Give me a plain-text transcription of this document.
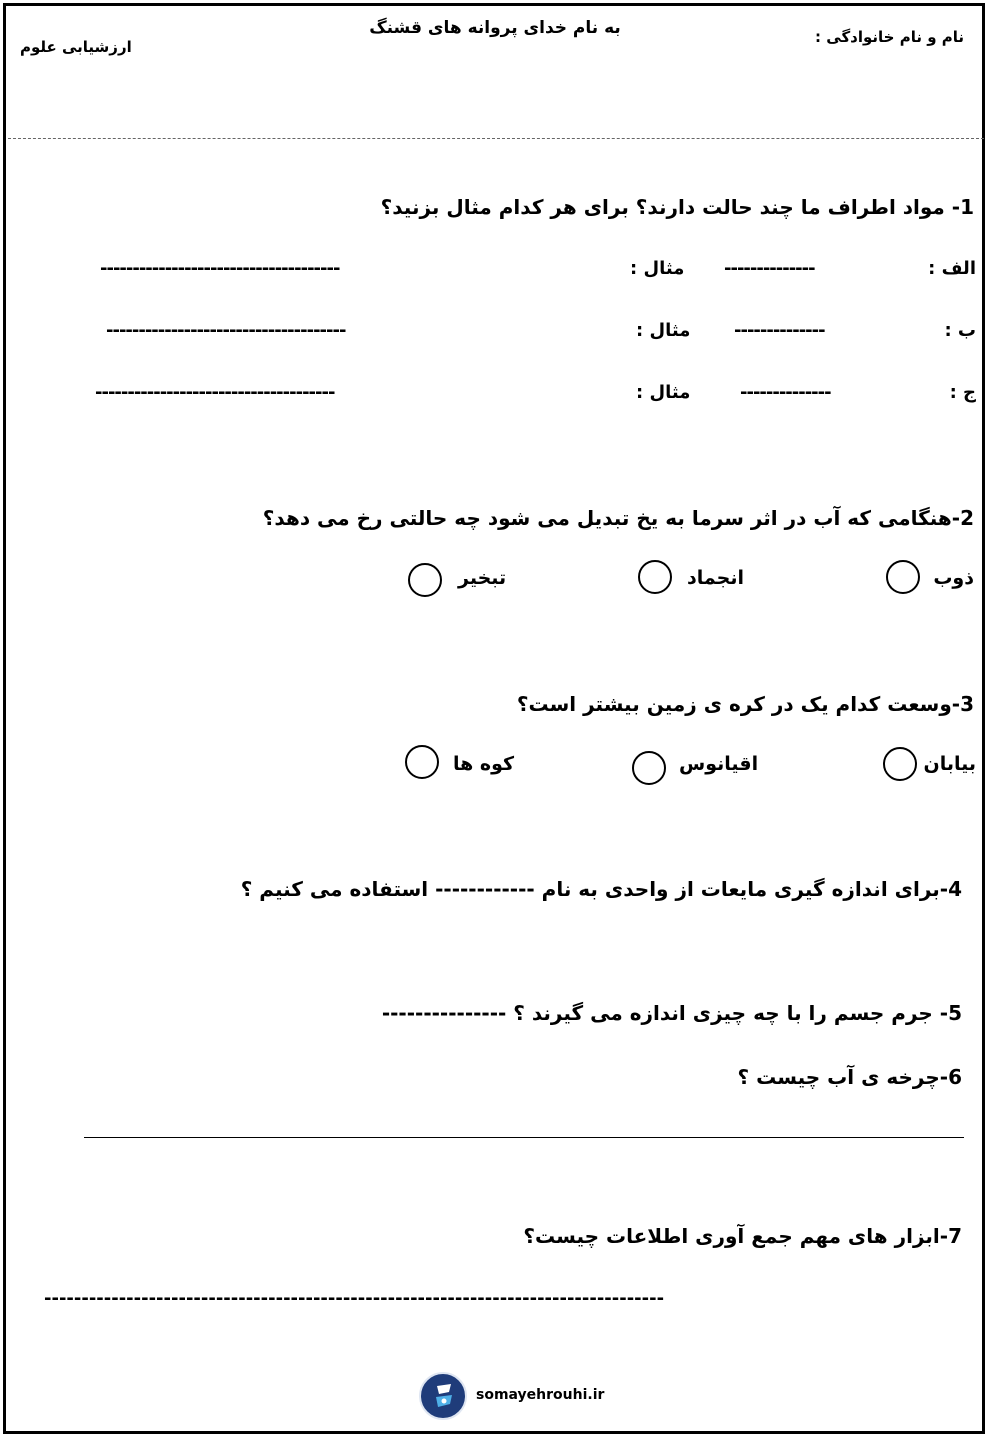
به نام خدای پروانه های قشنگ	نام و نام خانوادگی :
ارزشیابی علوم
1- مواد اطراف ما چند حالت دارند؟ برای هر کدام مثال بزنید؟
الف :
--------------
مثال :
-------------------------------------
ب :
--------------
مثال :
-------------------------------------
ج :
--------------
مثال :
-------------------------------------
2-هنگامی که آب در اثر سرما به یخ تبدیل می شود چه حالتی رخ می دهد؟
ذوب
انجماد
تبخیر
3-وسعت کدام یک در کره ی زمین بیشتر است؟
بیابان
اقیانوس
کوه ها
4-برای اندازه گیری مایعات از واحدی به نام ------------ استفاده می کنیم ؟
5- جرم جسم را با چه چیزی اندازه می گیرند ؟ ---------------
6-چرخه ی آب چیست ؟
7-ابزار های مهم جمع آوری اطلاعات چیست؟
-----------------------------------------------------------------------------------
somayehrouhi.ir
